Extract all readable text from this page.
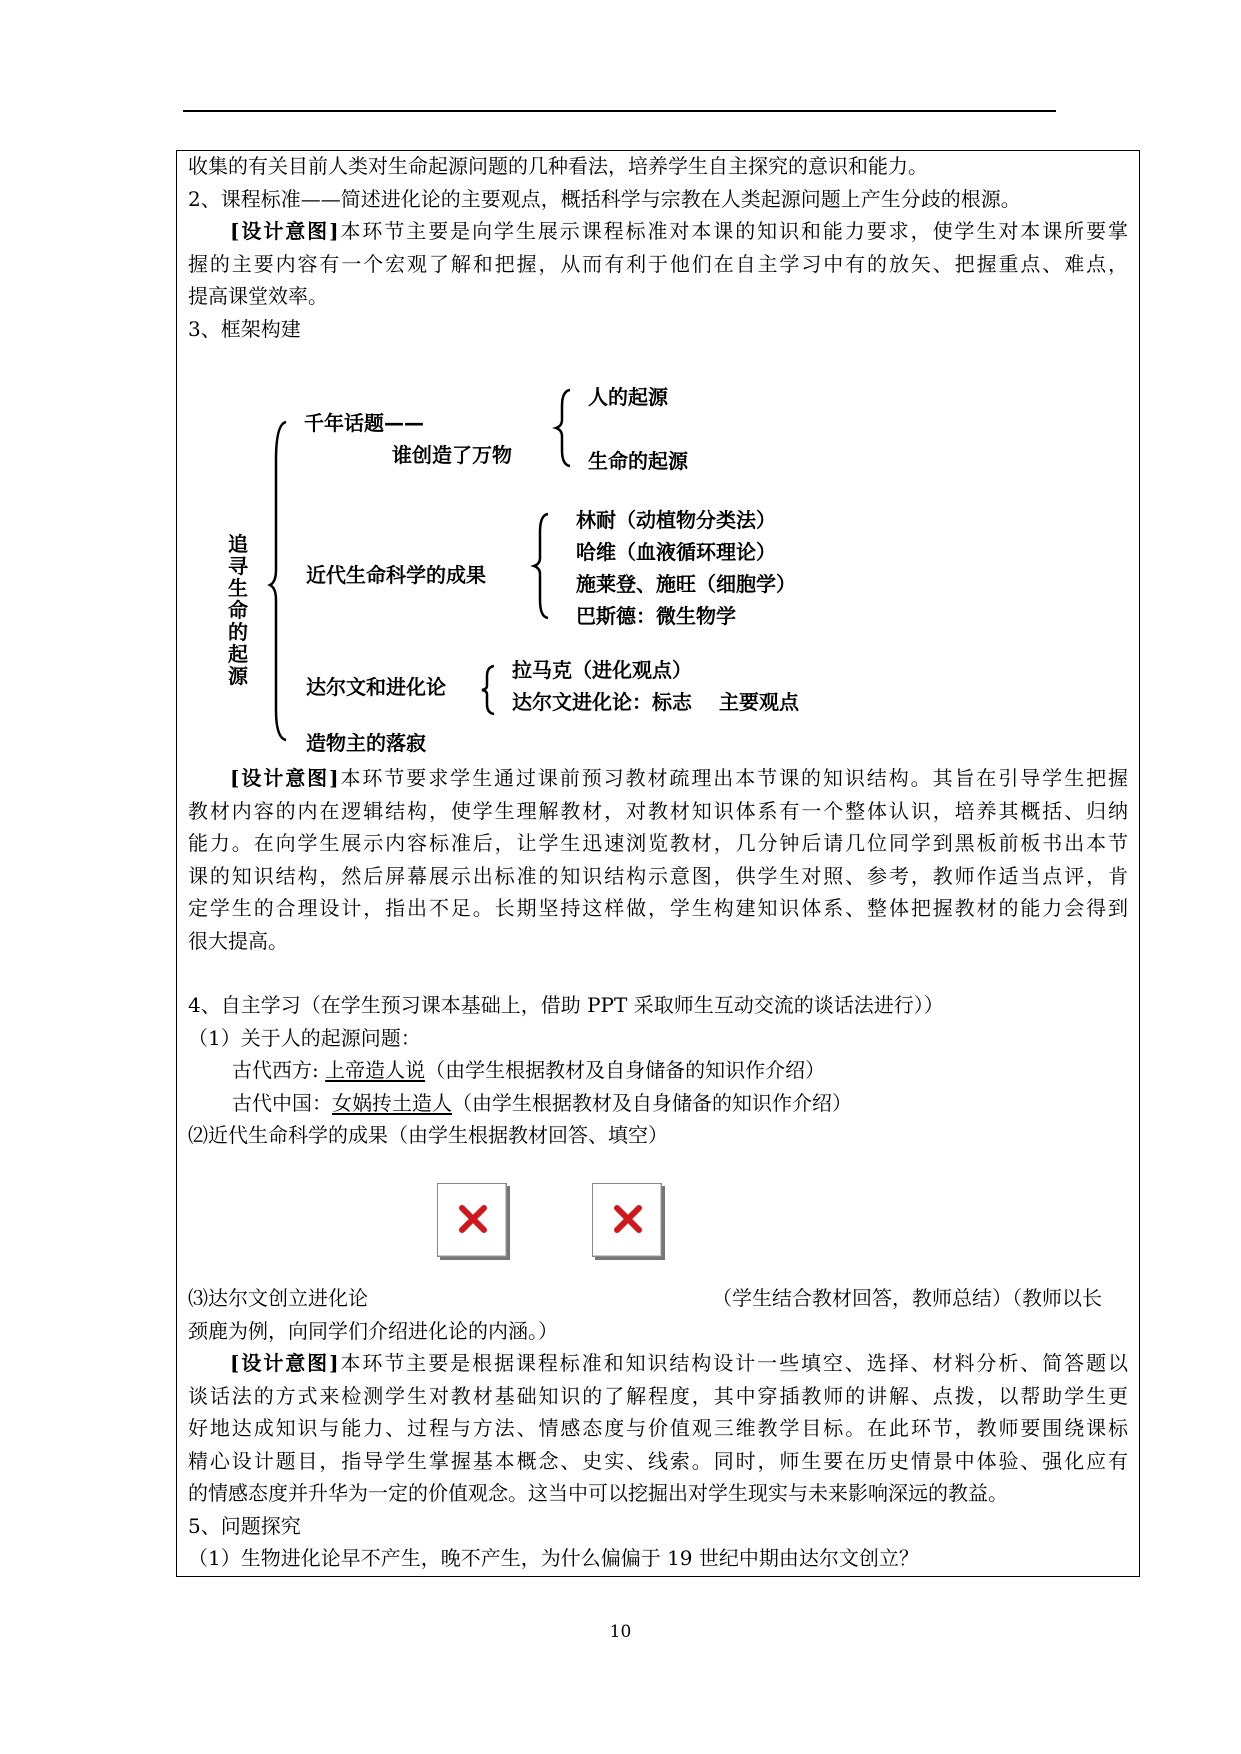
收集的有关目前人类对生命起源问题的几种看法，培养学生自主探究的意识和能力。
2、课程标准——简述进化论的主要观点，概括科学与宗教在人类起源问题上产生分歧的根源。
[设计意图]本环节主要是向学生展示课程标准对本课的知识和能力要求，使学生对本课所要掌
握的主要内容有一个宏观了解和把握，从而有利于他们在自主学习中有的放矢、把握重点、难点，
提高课堂效率。
3、框架构建
追
寻
生
命
的
起
源
千年话题——
谁创造了万物
人的起源
生命的起源
近代生命科学的成果
林耐（动植物分类法）
哈维（血液循环理论）
施莱登、施旺（细胞学）
巴斯德：微生物学
达尔文和进化论
拉马克（进化观点）
达尔文进化论：标志　 主要观点
造物主的落寂
[设计意图]本环节要求学生通过课前预习教材疏理出本节课的知识结构。其旨在引导学生把握
教材内容的内在逻辑结构，使学生理解教材，对教材知识体系有一个整体认识，培养其概括、归纳
能力。在向学生展示内容标准后，让学生迅速浏览教材，几分钟后请几位同学到黑板前板书出本节
课的知识结构，然后屏幕展示出标准的知识结构示意图，供学生对照、参考，教师作适当点评，肯
定学生的合理设计，指出不足。长期坚持这样做，学生构建知识体系、整体把握教材的能力会得到
很大提高。
4、自主学习（在学生预习课本基础上，借助 PPT 采取师生互动交流的谈话法进行））
（1）关于人的起源问题：
古代西方: 上帝造人说（由学生根据教材及自身储备的知识作介绍）
古代中国：女娲抟土造人（由学生根据教材及自身储备的知识作介绍）
⑵近代生命科学的成果（由学生根据教材回答、填空）
⑶达尔文创立进化论	（学生结合教材回答，教师总结）（教师以长
颈鹿为例，向同学们介绍进化论的内涵。）
[设计意图]本环节主要是根据课程标准和知识结构设计一些填空、选择、材料分析、简答题以
谈话法的方式来检测学生对教材基础知识的了解程度，其中穿插教师的讲解、点拨，以帮助学生更
好地达成知识与能力、过程与方法、情感态度与价值观三维教学目标。在此环节，教师要围绕课标
精心设计题目，指导学生掌握基本概念、史实、线索。同时，师生要在历史情景中体验、强化应有
的情感态度并升华为一定的价值观念。这当中可以挖掘出对学生现实与未来影响深远的教益。
5、问题探究
（1）生物进化论早不产生，晚不产生，为什么偏偏于 19 世纪中期由达尔文创立？
10
